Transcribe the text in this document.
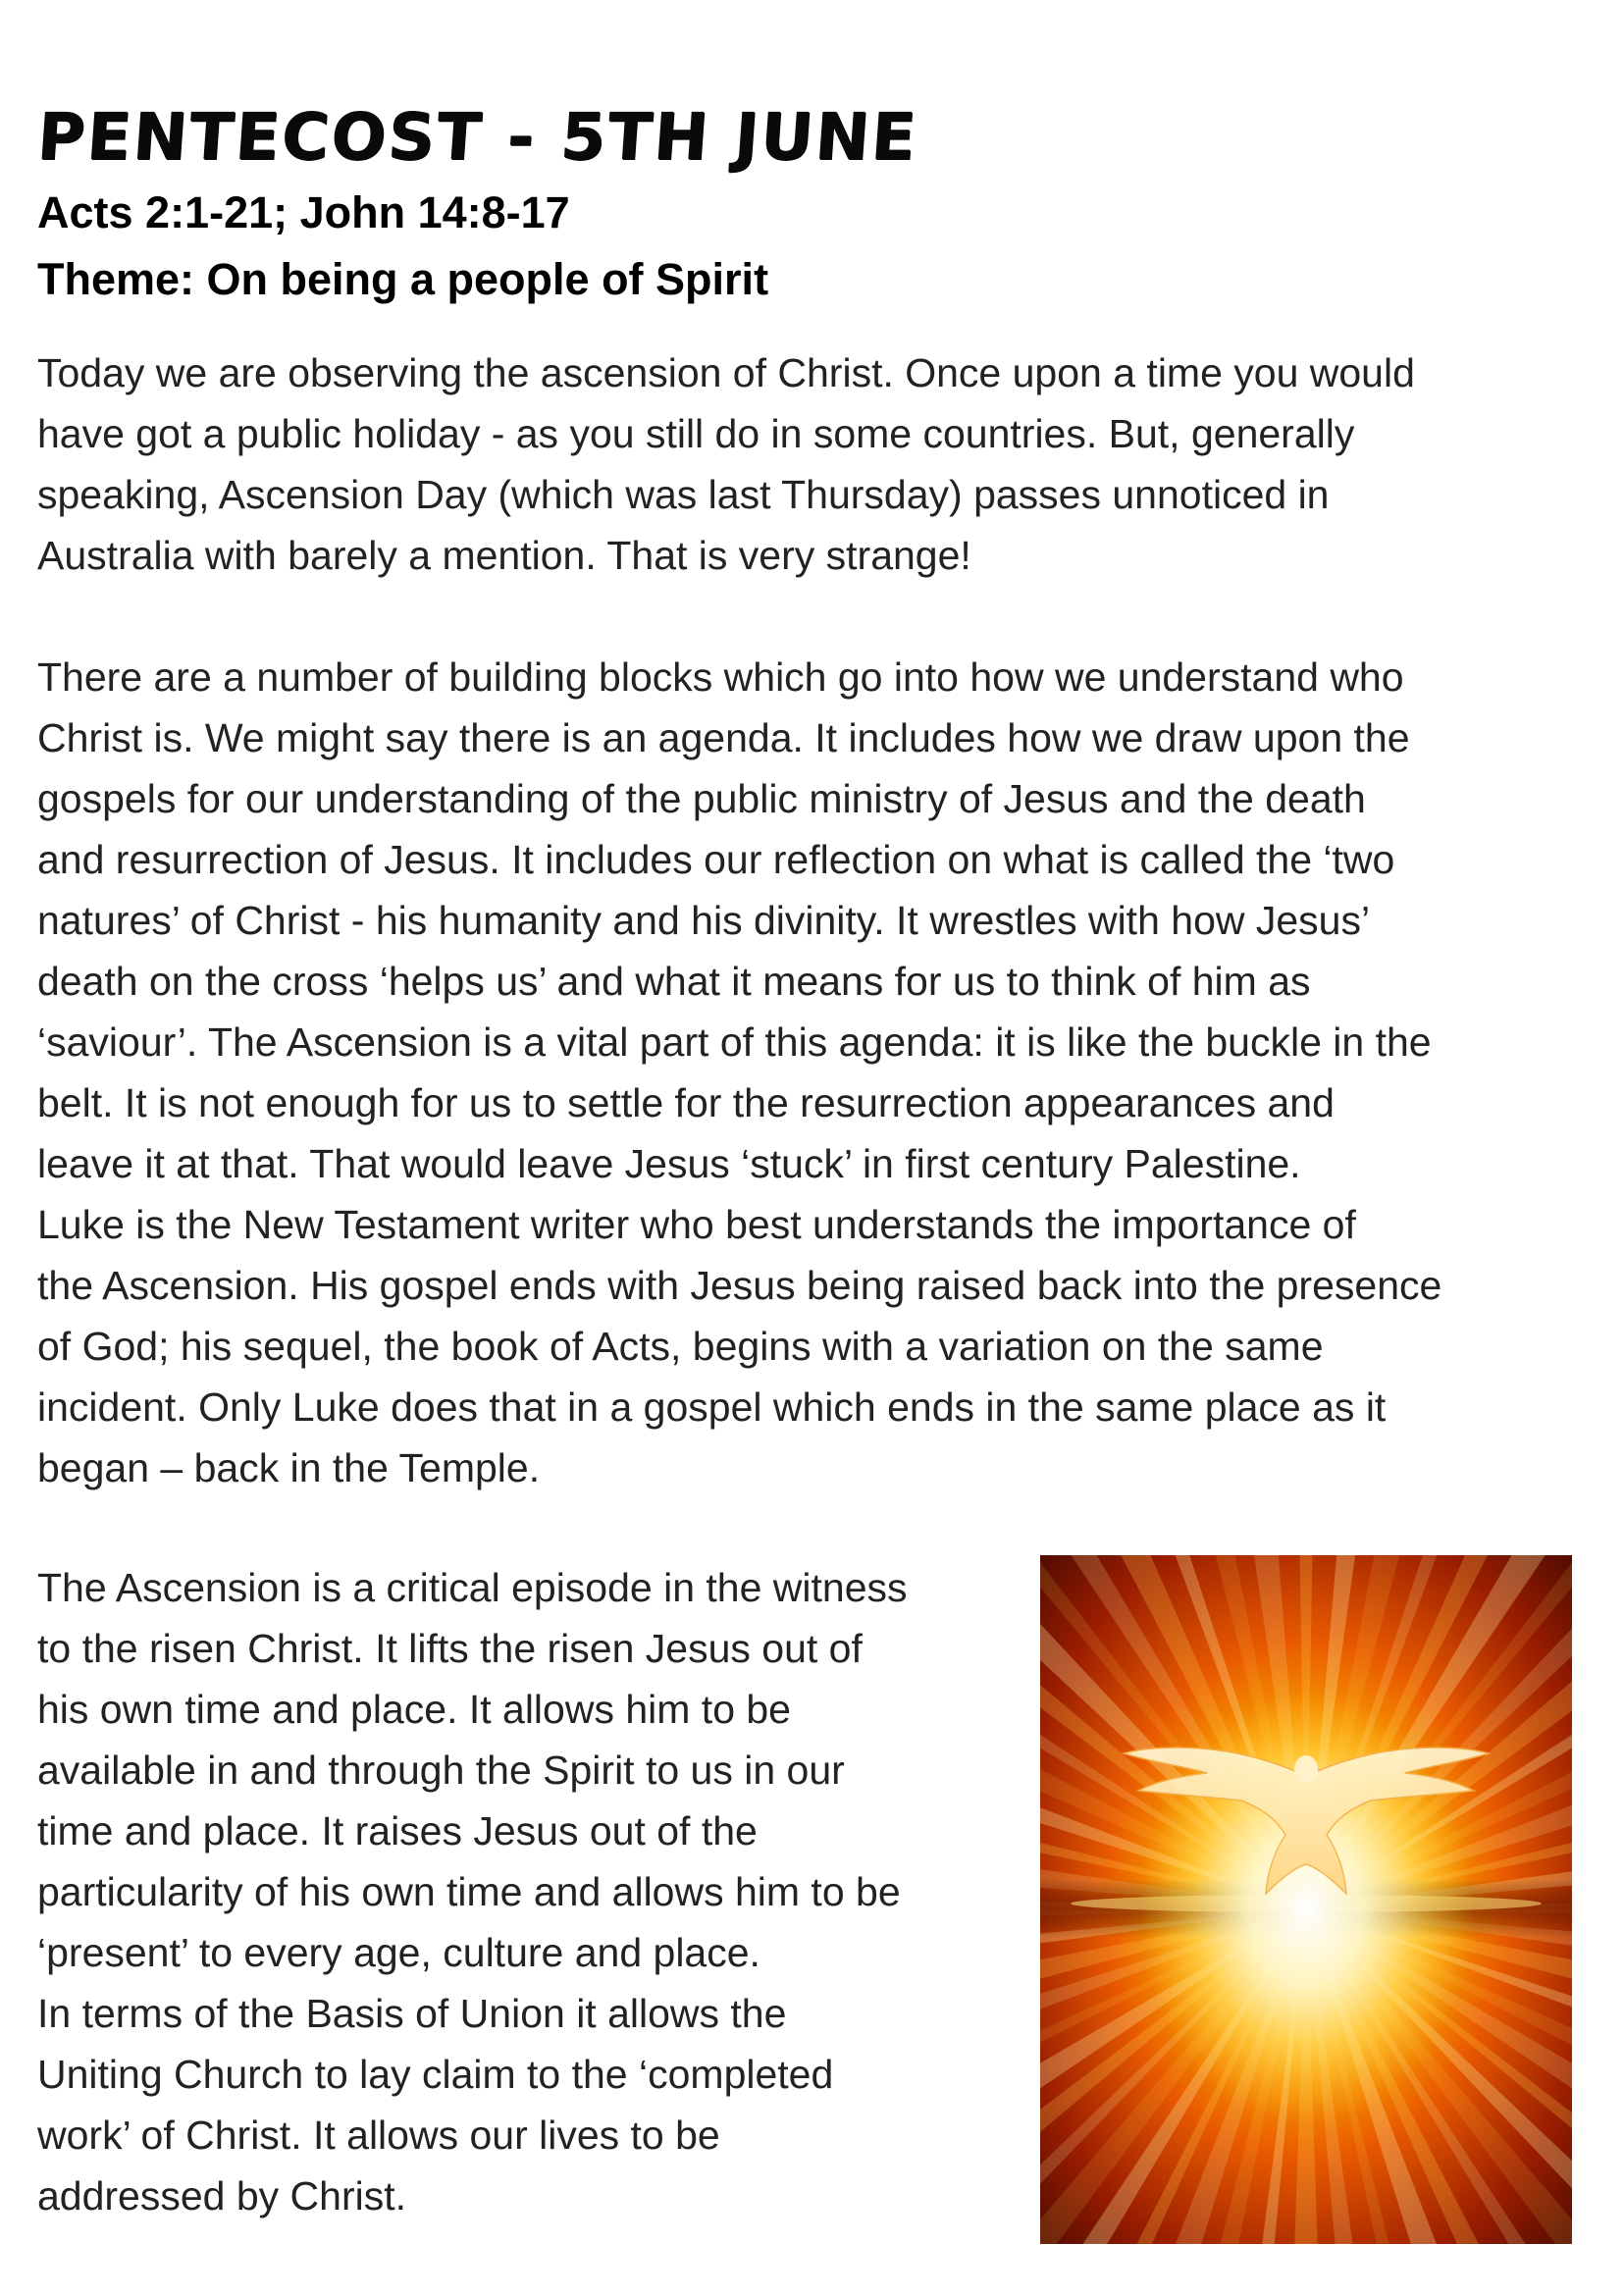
PENTECOST - 5TH JUNE
Acts 2:1-21; John 14:8-17
Theme: On being a people of Spirit

Today we are observing the ascension of Christ. Once upon a time you would
have got a public holiday - as you still do in some countries. But, generally
speaking, Ascension Day (which was last Thursday) passes unnoticed in
Australia with barely a mention. That is very strange!

There are a number of building blocks which go into how we understand who
Christ is. We might say there is an agenda. It includes how we draw upon the
gospels for our understanding of the public ministry of Jesus and the death
and resurrection of Jesus. It includes our reflection on what is called the ‘two
natures’ of Christ - his humanity and his divinity. It wrestles with how Jesus’
death on the cross ‘helps us’ and what it means for us to think of him as
‘saviour’. The Ascension is a vital part of this agenda: it is like the buckle in the
belt. It is not enough for us to settle for the resurrection appearances and
leave it at that. That would leave Jesus ‘stuck’ in first century Palestine.
Luke is the New Testament writer who best understands the importance of
the Ascension. His gospel ends with Jesus being raised back into the presence
of God; his sequel, the book of Acts, begins with a variation on the same
incident. Only Luke does that in a gospel which ends in the same place as it
began – back in the Temple.

The Ascension is a critical episode in the witness
to the risen Christ. It lifts the risen Jesus out of
his own time and place. It allows him to be
available in and through the Spirit to us in our
time and place. It raises Jesus out of the
particularity of his own time and allows him to be
‘present’ to every age, culture and place.
In terms of the Basis of Union it allows the
Uniting Church to lay claim to the ‘completed
work’ of Christ. It allows our lives to be
addressed by Christ.
